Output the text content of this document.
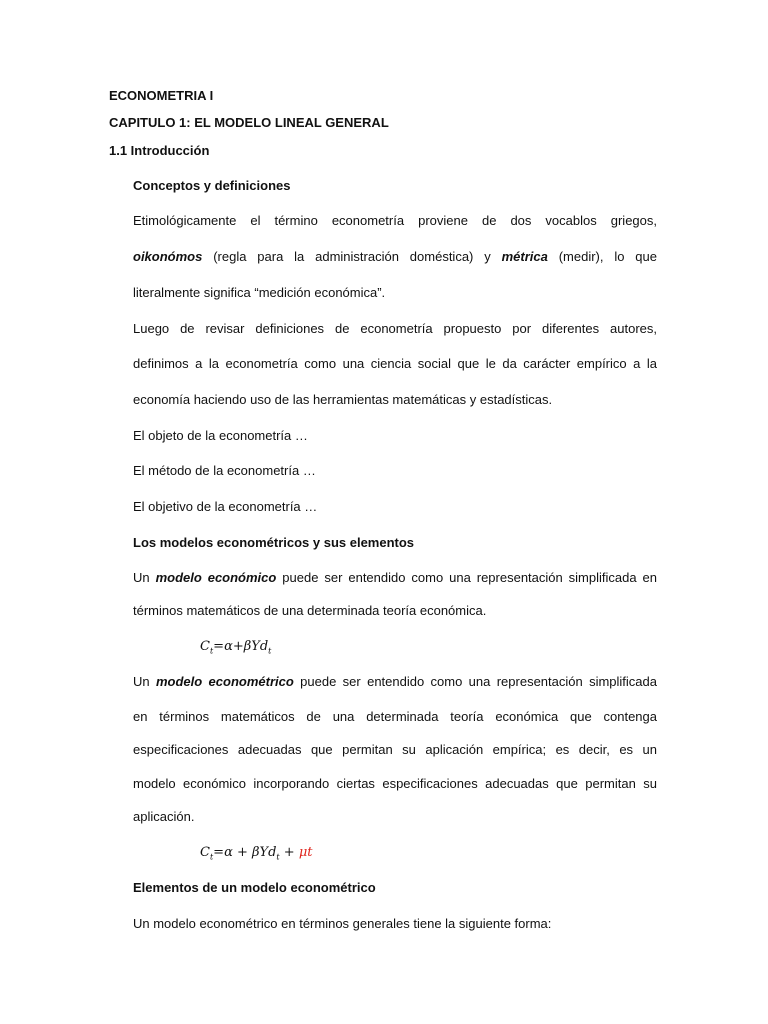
ECONOMETRIA I
CAPITULO 1: EL MODELO LINEAL GENERAL
1.1 Introducción
Conceptos y definiciones
Etimológicamente el término econometría proviene de dos vocablos griegos,
oikonómos (regla para la administración doméstica) y métrica (medir), lo que
literalmente significa “medición económica”.
Luego de revisar definiciones de econometría propuesto por diferentes autores,
definimos a la econometría como una ciencia social que le da carácter empírico a la
economía haciendo uso de las herramientas matemáticas y estadísticas.
El objeto de la econometría …
El método de la econometría …
El objetivo de la econometría …
Los modelos econométricos y sus elementos
Un modelo económico puede ser entendido como una representación simplificada en
términos matemáticos de una determinada teoría económica.
$C_t=\alpha+\beta Yd_t$
Un modelo econométrico puede ser entendido como una representación simplificada
en términos matemáticos de una determinada teoría económica que contenga
especificaciones adecuadas que permitan su aplicación empírica; es decir, es un
modelo económico incorporando ciertas especificaciones adecuadas que permitan su
aplicación.
$C_t=\alpha + \beta Yd_t + \mu t$
Elementos de un modelo econométrico
Un modelo econométrico en términos generales tiene la siguiente forma:
